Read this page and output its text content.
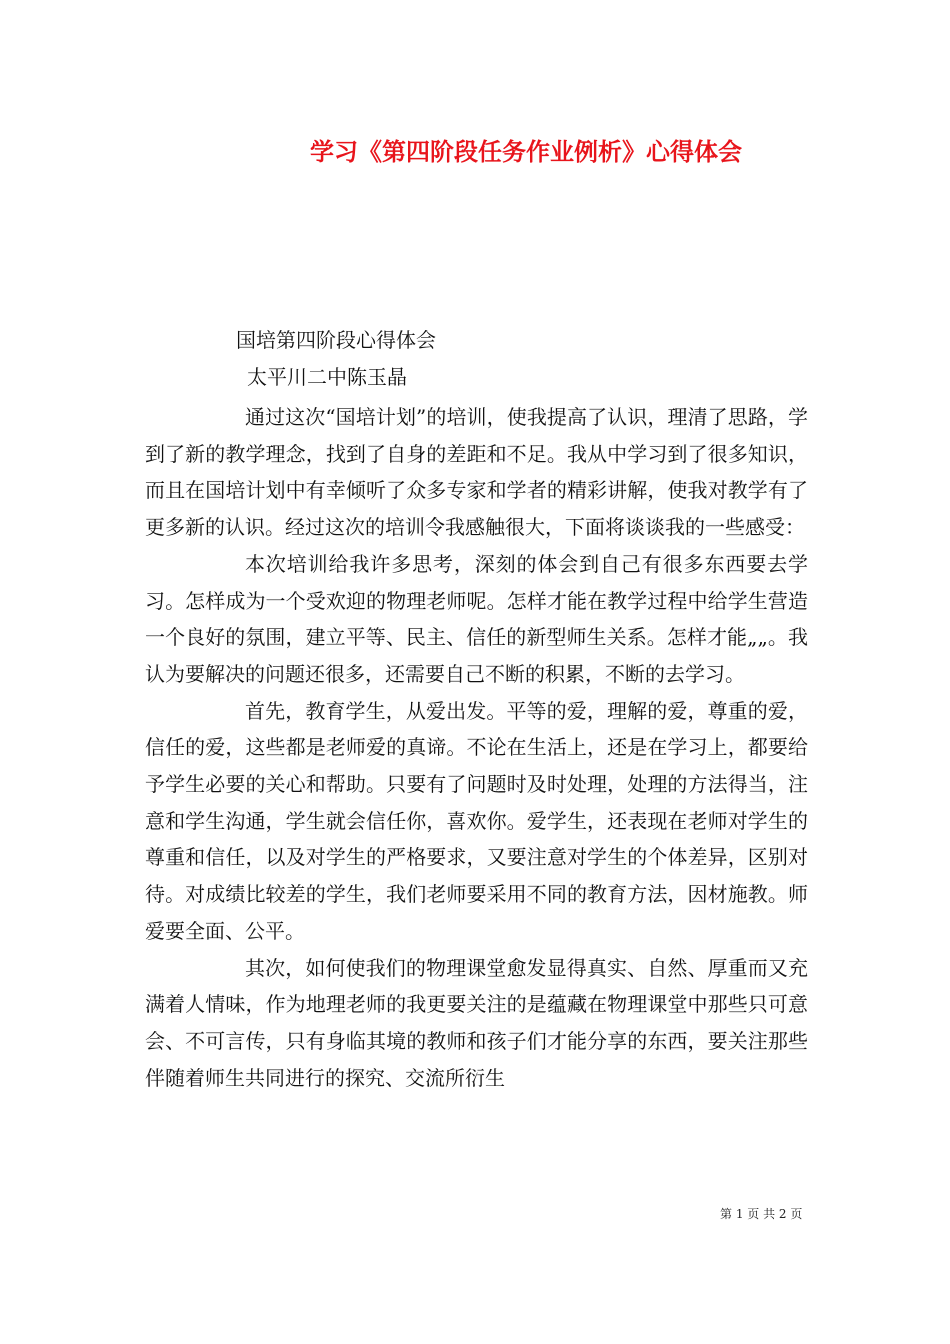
学习《第四阶段任务作业例析》心得体会
国培第四阶段心得体会
太平川二中陈玉晶

通过这次“国培计划”的培训，使我提高了认识，理清了思路，学到了新的教学理念，找到了自身的差距和不足。我从中学习到了很多知识，而且在国培计划中有幸倾听了众多专家和学者的精彩讲解，使我对教学有了更多新的认识。经过这次的培训令我感触很大，下面将谈谈我的一些感受：

本次培训给我许多思考，深刻的体会到自己有很多东西要去学习。怎样成为一个受欢迎的物理老师呢。怎样才能在教学过程中给学生营造一个良好的氛围，建立平等、民主、信任的新型师生关系。怎样才能„„。我认为要解决的问题还很多，还需要自己不断的积累，不断的去学习。

首先，教育学生，从爱出发。平等的爱，理解的爱，尊重的爱，信任的爱，这些都是老师爱的真谛。不论在生活上，还是在学习上，都要给予学生必要的关心和帮助。只要有了问题时及时处理，处理的方法得当，注意和学生沟通，学生就会信任你，喜欢你。爱学生，还表现在老师对学生的尊重和信任，以及对学生的严格要求，又要注意对学生的个体差异，区别对待。对成绩比较差的学生，我们老师要采用不同的教育方法，因材施教。师爱要全面、公平。

其次，如何使我们的物理课堂愈发显得真实、自然、厚重而又充满着人情味，作为地理老师的我更要关注的是蕴藏在物理课堂中那些只可意会、不可言传，只有身临其境的教师和孩子们才能分享的东西，要关注那些伴随着师生共同进行的探究、交流所衍生

第 1 页 共 2 页
